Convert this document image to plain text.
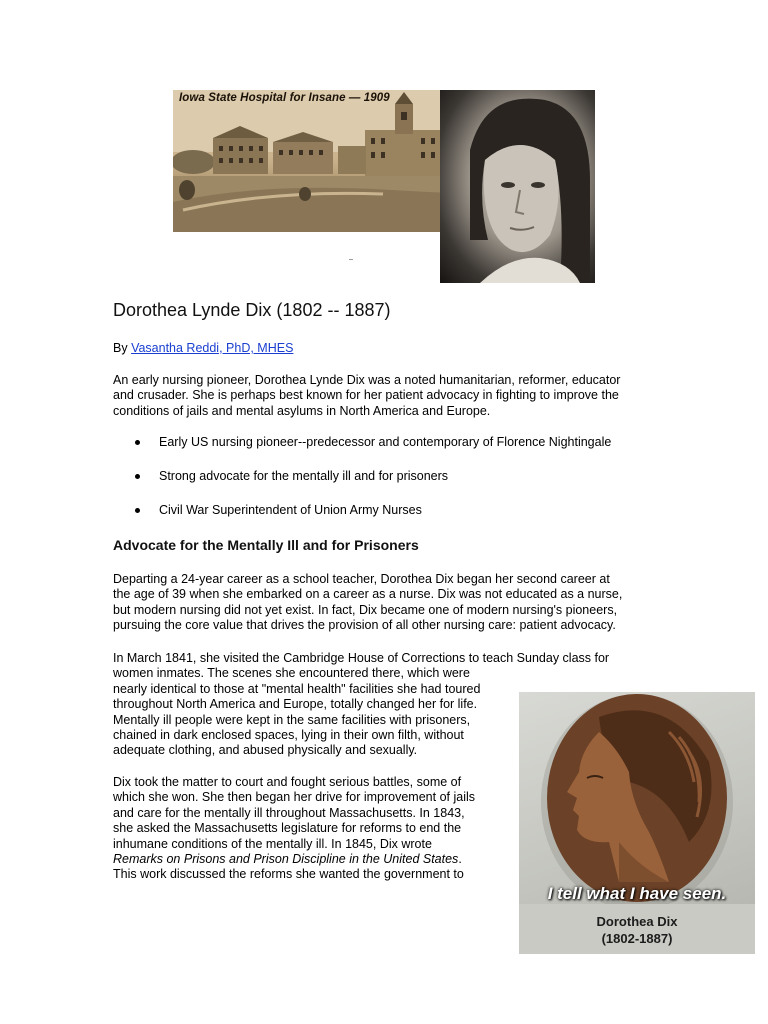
Iowa State Hospital for Insane — 1909
Dorothea Lynde Dix (1802 -- 1887)
By Vasantha Reddi, PhD, MHES

An early nursing pioneer, Dorothea Lynde Dix was a noted humanitarian, reformer, educator
and crusader. She is perhaps best known for her patient advocacy in fighting to improve the
conditions of jails and mental asylums in North America and Europe.

Early US nursing pioneer--predecessor and contemporary of Florence Nightingale
Strong advocate for the mentally ill and for prisoners
Civil War Superintendent of Union Army Nurses
Advocate for the Mentally Ill and for Prisoners

Departing a 24-year career as a school teacher, Dorothea Dix began her second career at
the age of 39 when she embarked on a career as a nurse. Dix was not educated as a nurse,
but modern nursing did not yet exist. In fact, Dix became one of modern nursing's pioneers,
pursuing the core value that drives the provision of all other nursing care: patient advocacy.

In March 1841, she visited the Cambridge House of Corrections to teach Sunday class for
women inmates. The scenes she encountered there, which were
nearly identical to those at "mental health" facilities she had toured
throughout North America and Europe, totally changed her for life.
Mentally ill people were kept in the same facilities with prisoners,
chained in dark enclosed spaces, lying in their own filth, without
adequate clothing, and abused physically and sexually.

Dix took the matter to court and fought serious battles, some of
which she won. She then began her drive for improvement of jails
and care for the mentally ill throughout Massachusetts. In 1843,
she asked the Massachusetts legislature for reforms to end the
inhumane conditions of the mentally ill. In 1845, Dix wrote
Remarks on Prisons and Prison Discipline in the United States.
This work discussed the reforms she wanted the government to

I tell what I have seen.
Dorothea Dix
(1802-1887)
